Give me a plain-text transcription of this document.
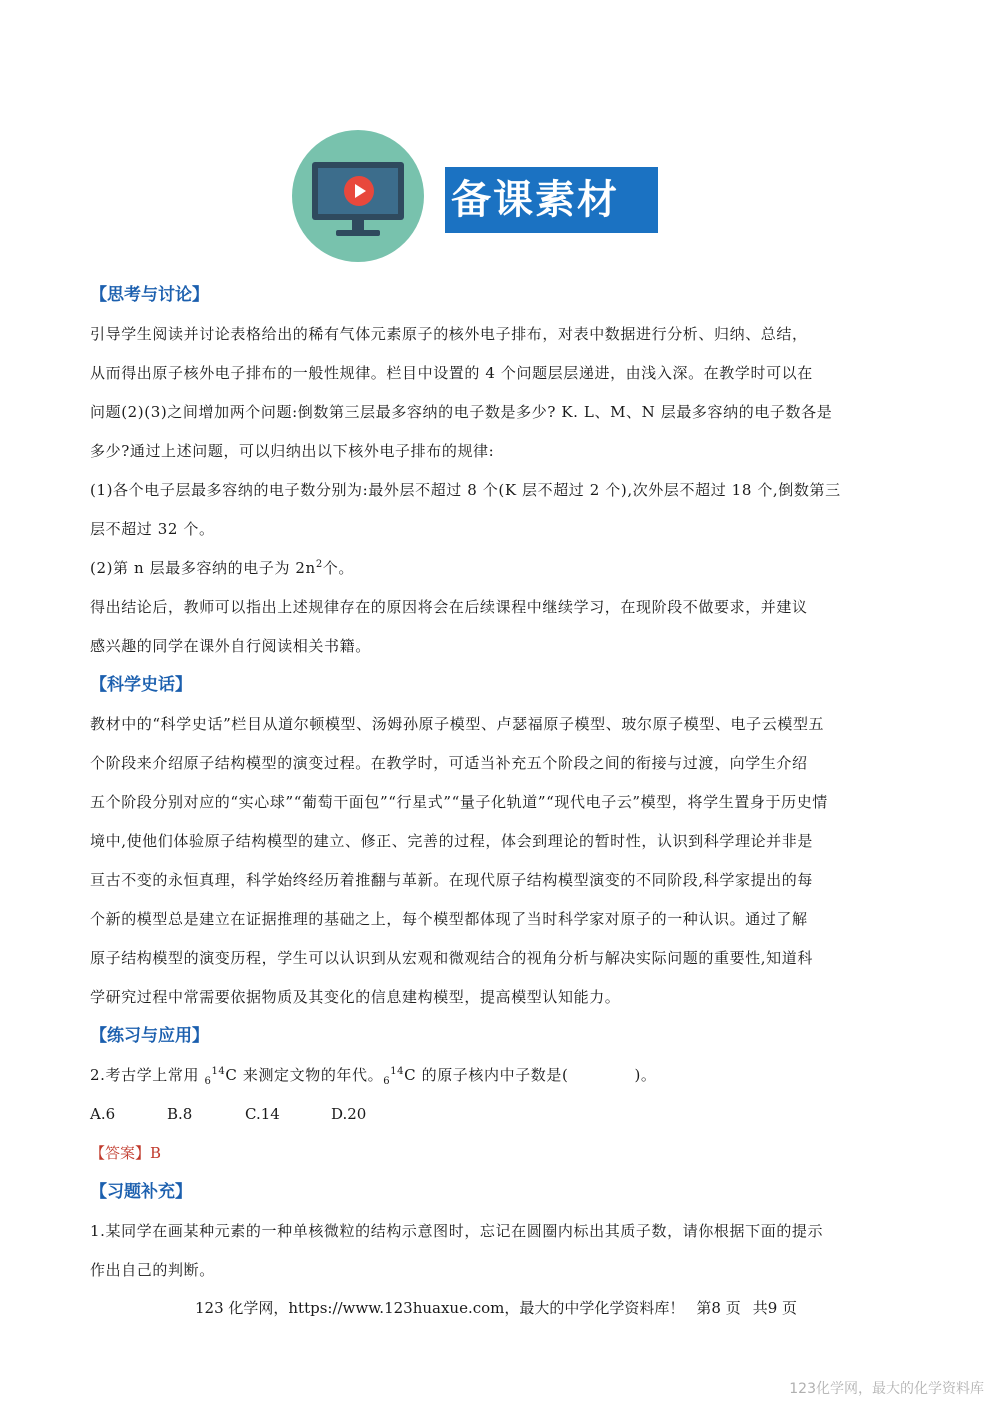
备课素材

【思考与讨论】

引导学生阅读并讨论表格给出的稀有气体元素原子的核外电子排布，对表中数据进行分析、归纳、总结，

从而得出原子核外电子排布的一般性规律。栏目中设置的 4 个问题层层递进，由浅入深。在教学时可以在

问题(2)(3)之间增加两个问题:倒数第三层最多容纳的电子数是多少? K. L、M、N 层最多容纳的电子数各是

多少?通过上述问题，可以归纳出以下核外电子排布的规律:

(1)各个电子层最多容纳的电子数分别为:最外层不超过 8 个(K 层不超过 2 个),次外层不超过 18 个,倒数第三

层不超过 32 个。

(2)第 n 层最多容纳的电子为 $2n^2$个。

得出结论后，教师可以指出上述规律存在的原因将会在后续课程中继续学习，在现阶段不做要求，并建议

感兴趣的同学在课外自行阅读相关书籍。

【科学史话】

教材中的“科学史话”栏目从道尔顿模型、汤姆孙原子模型、卢瑟福原子模型、玻尔原子模型、电子云模型五

个阶段来介绍原子结构模型的演变过程。在教学时，可适当补充五个阶段之间的衔接与过渡，向学生介绍

五个阶段分别对应的“实心球”“葡萄干面包”“行星式”“量子化轨道”“现代电子云”模型，将学生置身于历史情

境中,使他们体验原子结构模型的建立、修正、完善的过程，体会到理论的暂时性，认识到科学理论并非是

亘古不变的永恒真理，科学始终经历着推翻与革新。在现代原子结构模型演变的不同阶段,科学家提出的每

个新的模型总是建立在证据推理的基础之上，每个模型都体现了当时科学家对原子的一种认识。通过了解

原子结构模型的演变历程，学生可以认识到从宏观和微观结合的视角分析与解决实际问题的重要性,知道科

学研究过程中常需要依据物质及其变化的信息建构模型，提高模型认知能力。

【练习与应用】

2.考古学上常用 $_6^{14}$C 来测定文物的年代。$_6^{14}$C 的原子核内中子数是(	)。

A.6	B.8	C.14	D.20

【答案】B

【习题补充】

1.某同学在画某种元素的一种单核微粒的结构示意图时，忘记在圆圈内标出其质子数，请你根据下面的提示

作出自己的判断。

123 化学网，https://www.123huaxue.com，最大的中学化学资料库！ 第8 页 共9 页
123化学网，最大的化学资料库
